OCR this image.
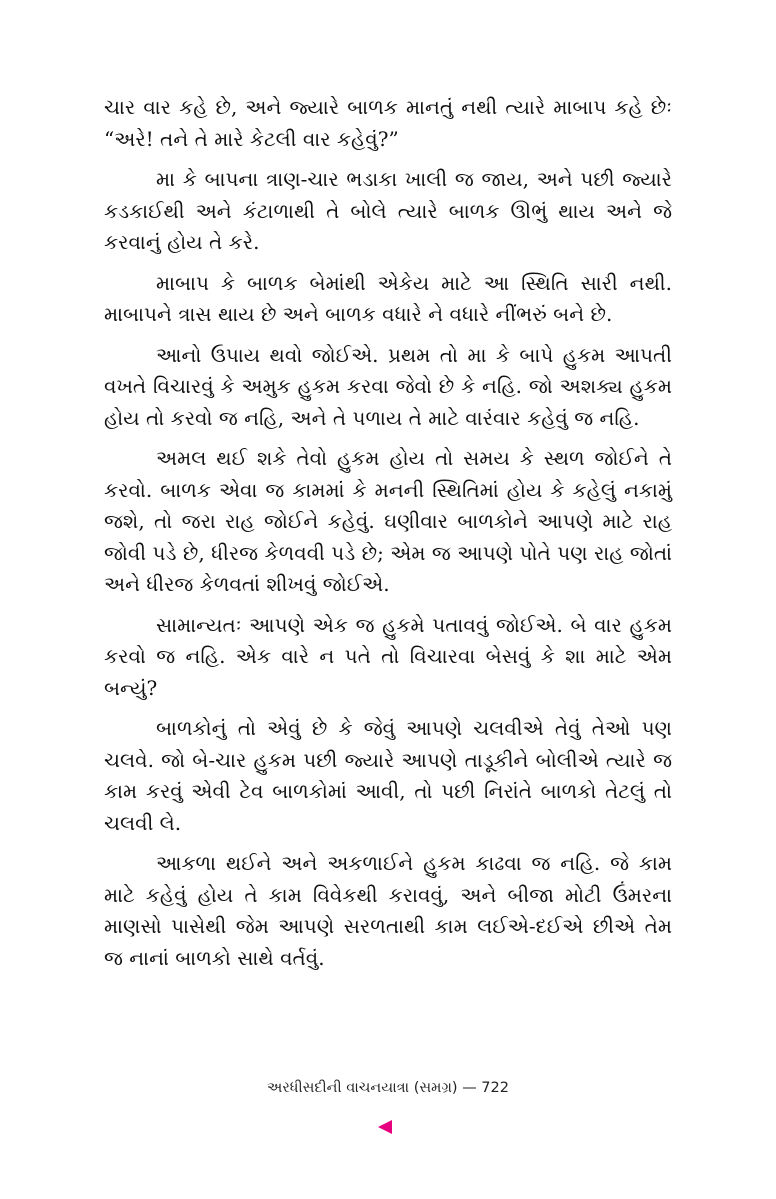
ચાર વાર કહે છે, અને જ્યારે બાળક માનતું નથી ત્યારે માબાપ કહે છેઃ “અરે! તને તે મારે કેટલી વાર કહેવું?”

મા કે બાપના ત્રાણ-ચાર ભડાકા ખાલી જ જાય, અને પછી જ્યારે કડકાઈથી અને કંટાળાથી તે બોલે ત્યારે બાળક ઊભું થાય અને જે કરવાનું હોય તે કરે.

માબાપ કે બાળક બેમાંથી એકેય માટે આ સ્થિતિ સારી નથી. માબાપને ત્રાસ થાય છે અને બાળક વધારે ને વધારે નીંભરું બને છે.

આનો ઉપાય થવો જોઈએ. પ્રથમ તો મા કે બાપે હુકમ આપતી વખતે વિચારવું કે અમુક હુકમ કરવા જેવો છે કે નહિ. જો અશક્ય હુકમ હોય તો કરવો જ નહિ, અને તે પળાય તે માટે વારંવાર કહેવું જ નહિ.

અમલ થઈ શકે તેવો હુકમ હોય તો સમય કે સ્થળ જોઈને તે કરવો. બાળક એવા જ કામમાં કે મનની સ્થિતિમાં હોય કે કહેલું નકામું જશે, તો જરા રાહ જોઈને કહેવું. ઘણીવાર બાળકોને આપણે માટે રાહ જોવી પડે છે, ધીરજ કેળવવી પડે છે; એમ જ આપણે પોતે પણ રાહ જોતાં અને ધીરજ કેળવતાં શીખવું જોઈએ.

સામાન્યતઃ આપણે એક જ હુકમે પતાવવું જોઈએ. બે વાર હુકમ કરવો જ નહિ. એક વારે ન પતે તો વિચારવા બેસવું કે શા માટે એમ બન્યું?

બાળકોનું તો એવું છે કે જેવું આપણે ચલવીએ તેવું તેઓ પણ ચલવે. જો બે-ચાર હુકમ પછી જ્યારે આપણે તાડૂકીને બોલીએ ત્યારે જ કામ કરવું એવી ટેવ બાળકોમાં આવી, તો પછી નિરાંતે બાળકો તેટલું તો ચલવી લે.

આકળા થઈને અને અકળાઈને હુકમ કાઢવા જ નહિ. જે કામ માટે કહેવું હોય તે કામ વિવેકથી કરાવવું, અને બીજા મોટી ઉંમરના માણસો પાસેથી જેમ આપણે સરળતાથી કામ લઈએ-દઈએ છીએ તેમ જ નાનાં બાળકો સાથે વર્તવું.

અરધીસદીની વાચનયાત્રા (સમગ્ર) — 722
